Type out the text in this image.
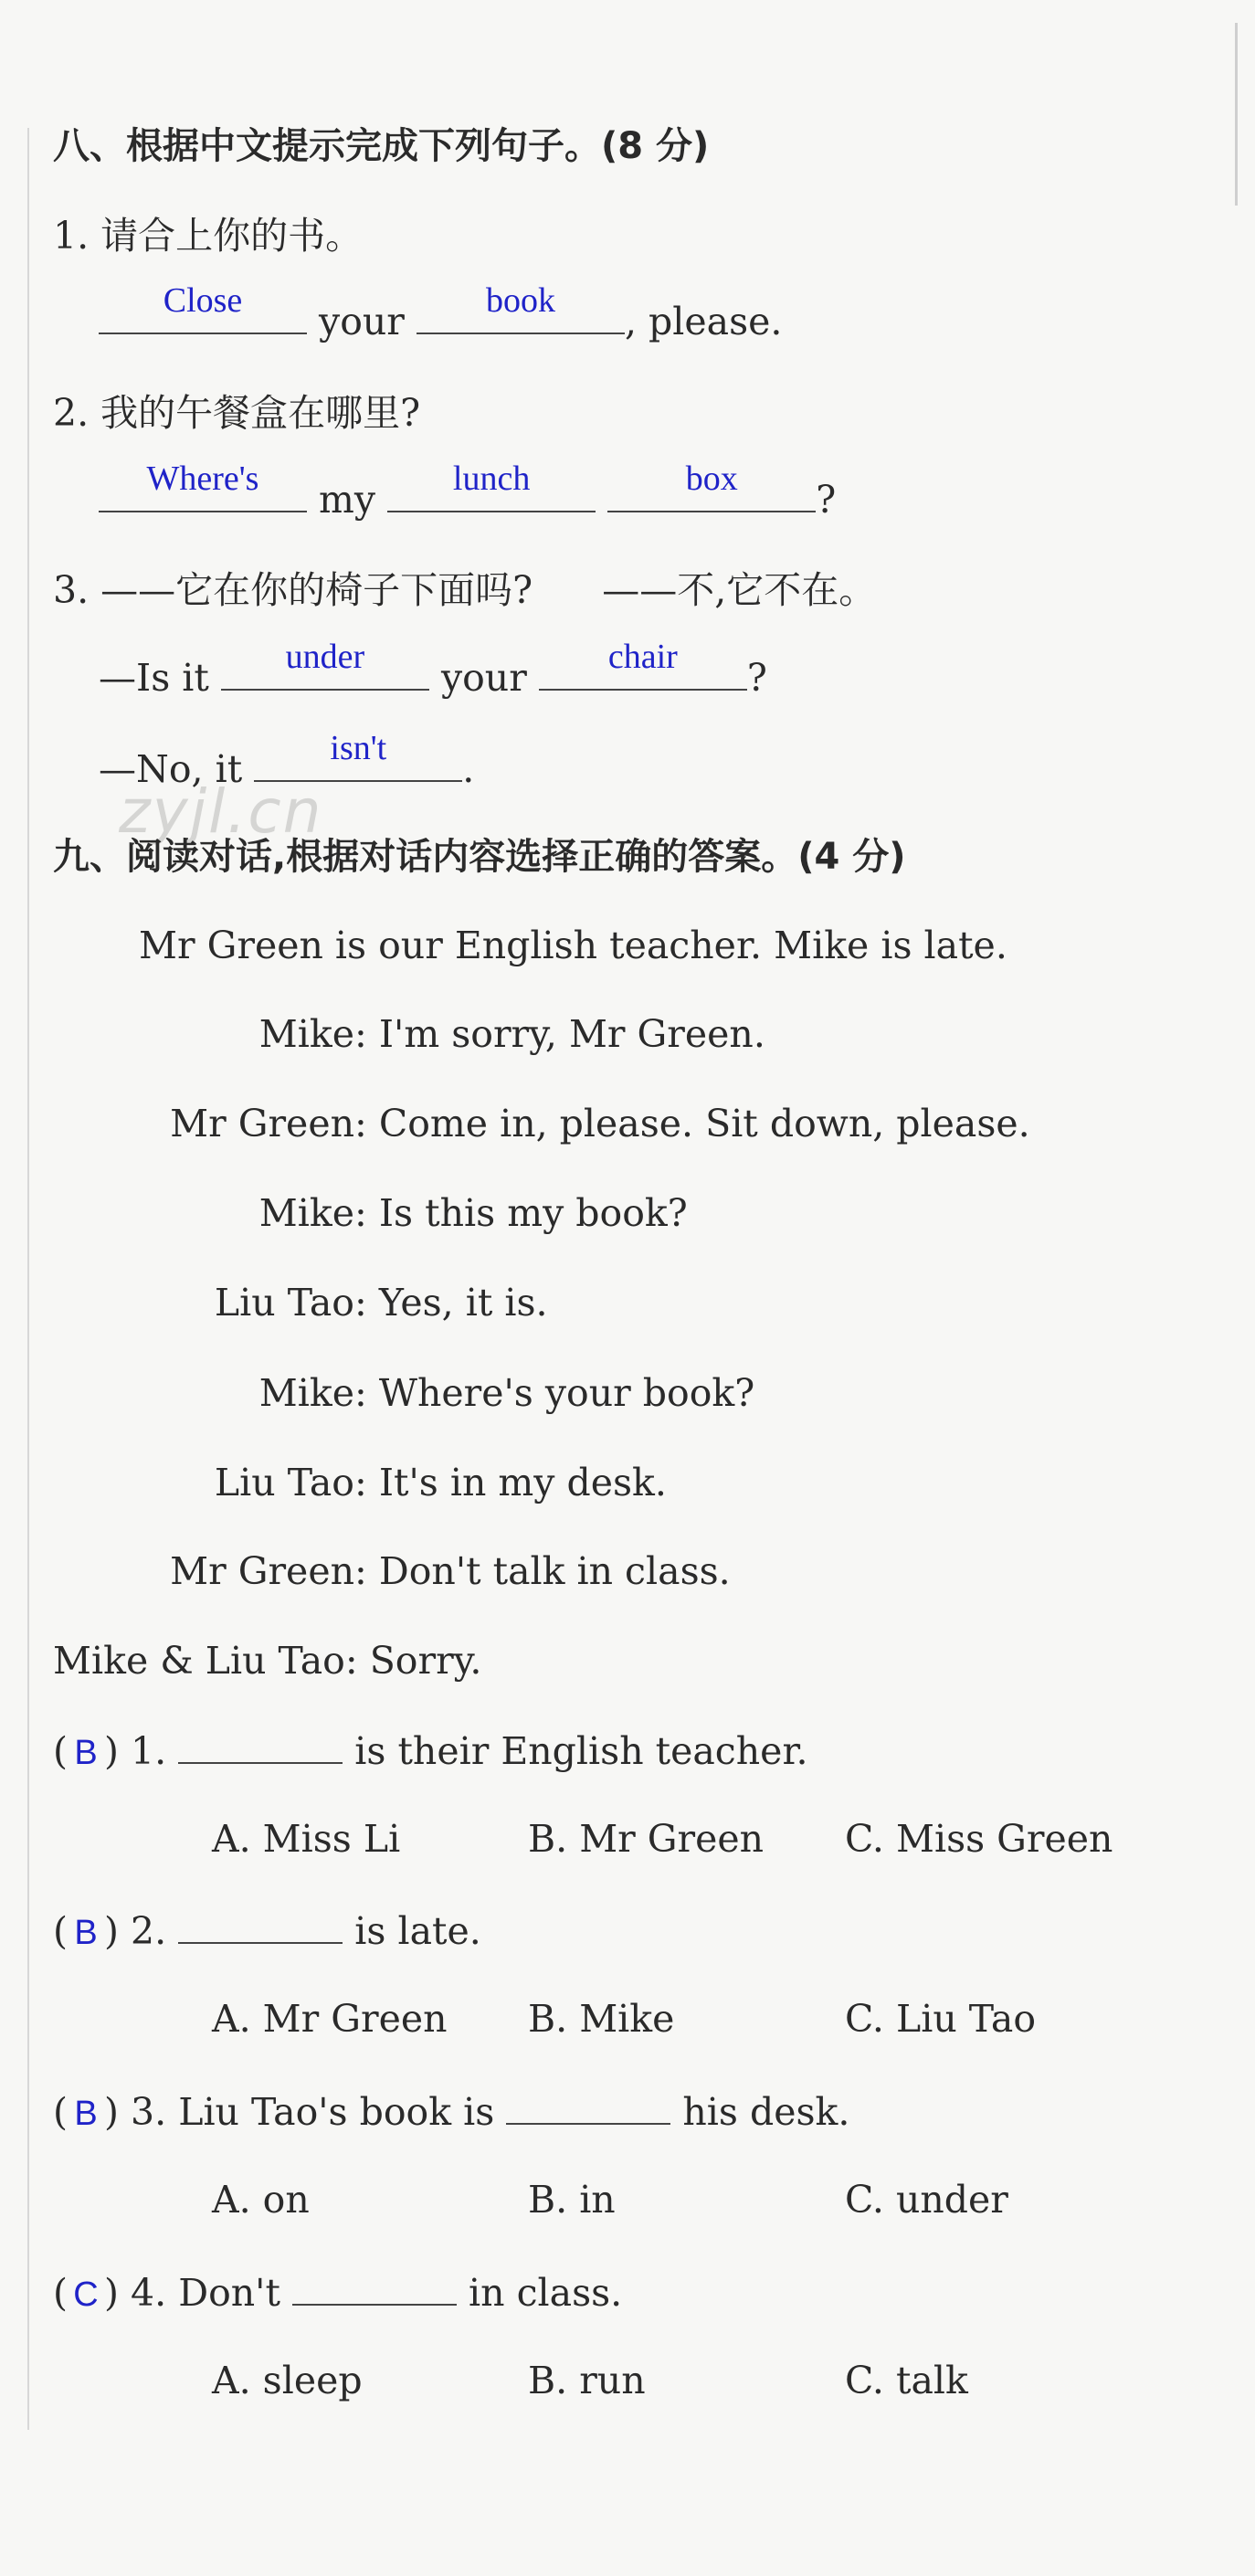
八、根据中文提示完成下列句子。(8 分)
1. 请合上你的书。
Close	your	book	, please.
2. 我的午餐盒在哪里?
Where's	my	lunch
	box	?
3. ——它在你的椅子下面吗? ——不,它不在。
—Is it	under	your	chair	?
—No, it	isn't	.
zyjl.cn
九、阅读对话,根据对话内容选择正确的答案。(4 分)
Mr Green is our English teacher. Mike is late.
Mike: I'm sorry, Mr Green.
Mr Green: Come in, please. Sit down, please.
Mike: Is this my book?
Liu Tao: Yes, it is.
Mike: Where's your book?
Liu Tao: It's in my desk.
Mr Green: Don't talk in class.
Mike & Liu Tao: Sorry.
( B ) 1.	is their English teacher.
A. Miss Li	B. Mr Green C. Miss Green
( B ) 2.	is late.
A. Mr Green B. Mike	C. Liu Tao
( B ) 3. Liu Tao's book is	his desk.
A. on	B. in	C. under
( C ) 4. Don't	in class.
A. sleep	B. run	C. talk
